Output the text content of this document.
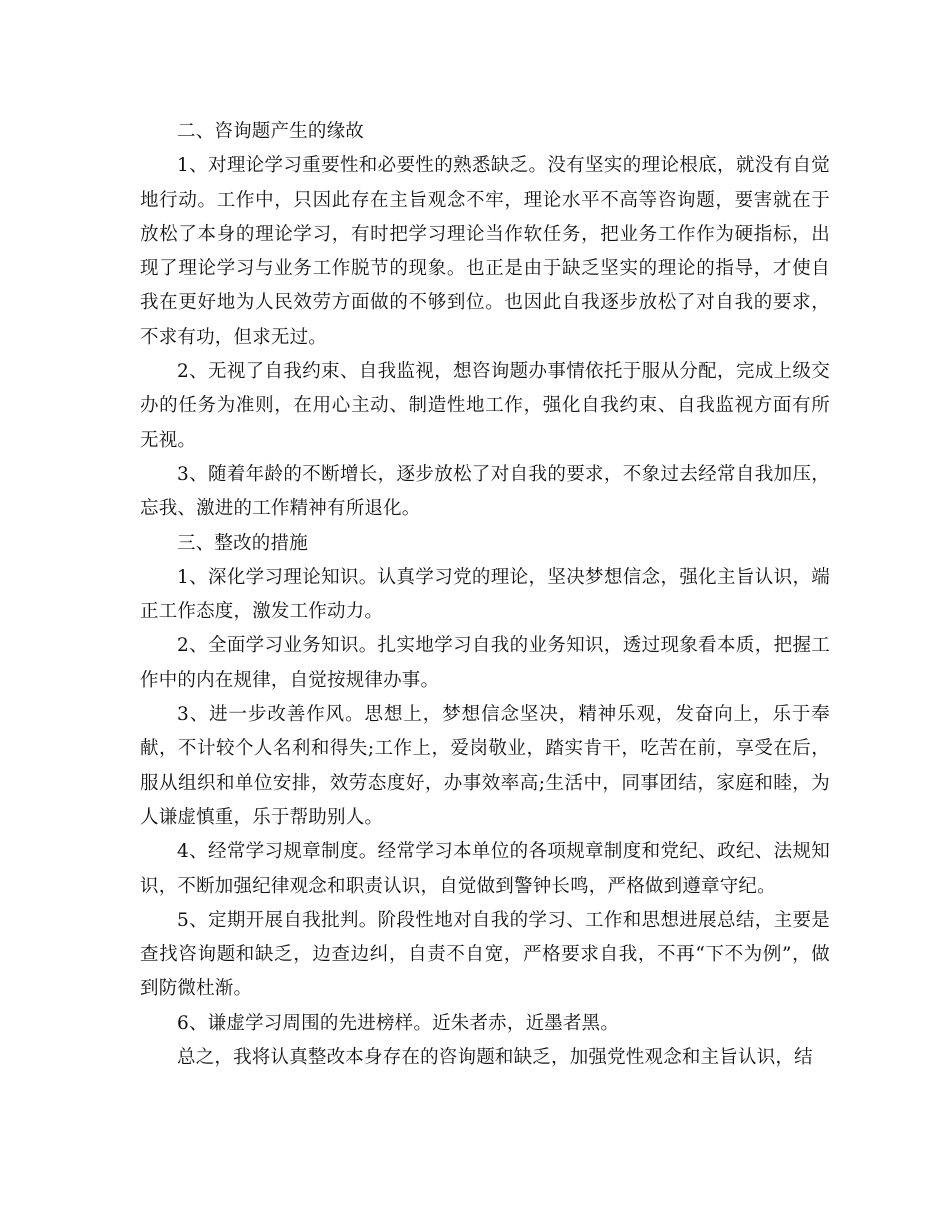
二、咨询题产生的缘故

1、对理论学习重要性和必要性的熟悉缺乏。没有坚实的理论根底，就没有自觉地行动。工作中，只因此存在主旨观念不牢，理论水平不高等咨询题，要害就在于放松了本身的理论学习，有时把学习理论当作软任务，把业务工作作为硬指标，出现了理论学习与业务工作脱节的现象。也正是由于缺乏坚实的理论的指导，才使自我在更好地为人民效劳方面做的不够到位。也因此自我逐步放松了对自我的要求，不求有功，但求无过。

2、无视了自我约束、自我监视，想咨询题办事情依托于服从分配，完成上级交办的任务为准则，在用心主动、制造性地工作，强化自我约束、自我监视方面有所无视。

3、随着年龄的不断增长，逐步放松了对自我的要求，不象过去经常自我加压，忘我、激进的工作精神有所退化。

三、整改的措施

1、深化学习理论知识。认真学习党的理论，坚决梦想信念，强化主旨认识，端正工作态度，激发工作动力。

2、全面学习业务知识。扎实地学习自我的业务知识，透过现象看本质，把握工作中的内在规律，自觉按规律办事。

3、进一步改善作风。思想上，梦想信念坚决，精神乐观，发奋向上，乐于奉献，不计较个人名利和得失;工作上，爱岗敬业，踏实肯干，吃苦在前，享受在后，服从组织和单位安排，效劳态度好，办事效率高;生活中，同事团结，家庭和睦，为人谦虚慎重，乐于帮助别人。

4、经常学习规章制度。经常学习本单位的各项规章制度和党纪、政纪、法规知识，不断加强纪律观念和职责认识，自觉做到警钟长鸣，严格做到遵章守纪。

5、定期开展自我批判。阶段性地对自我的学习、工作和思想进展总结，主要是查找咨询题和缺乏，边查边纠，自责不自宽，严格要求自我，不再“下不为例”，做到防微杜渐。

6、谦虚学习周围的先进榜样。近朱者赤，近墨者黑。

总之，我将认真整改本身存在的咨询题和缺乏，加强党性观念和主旨认识，结
